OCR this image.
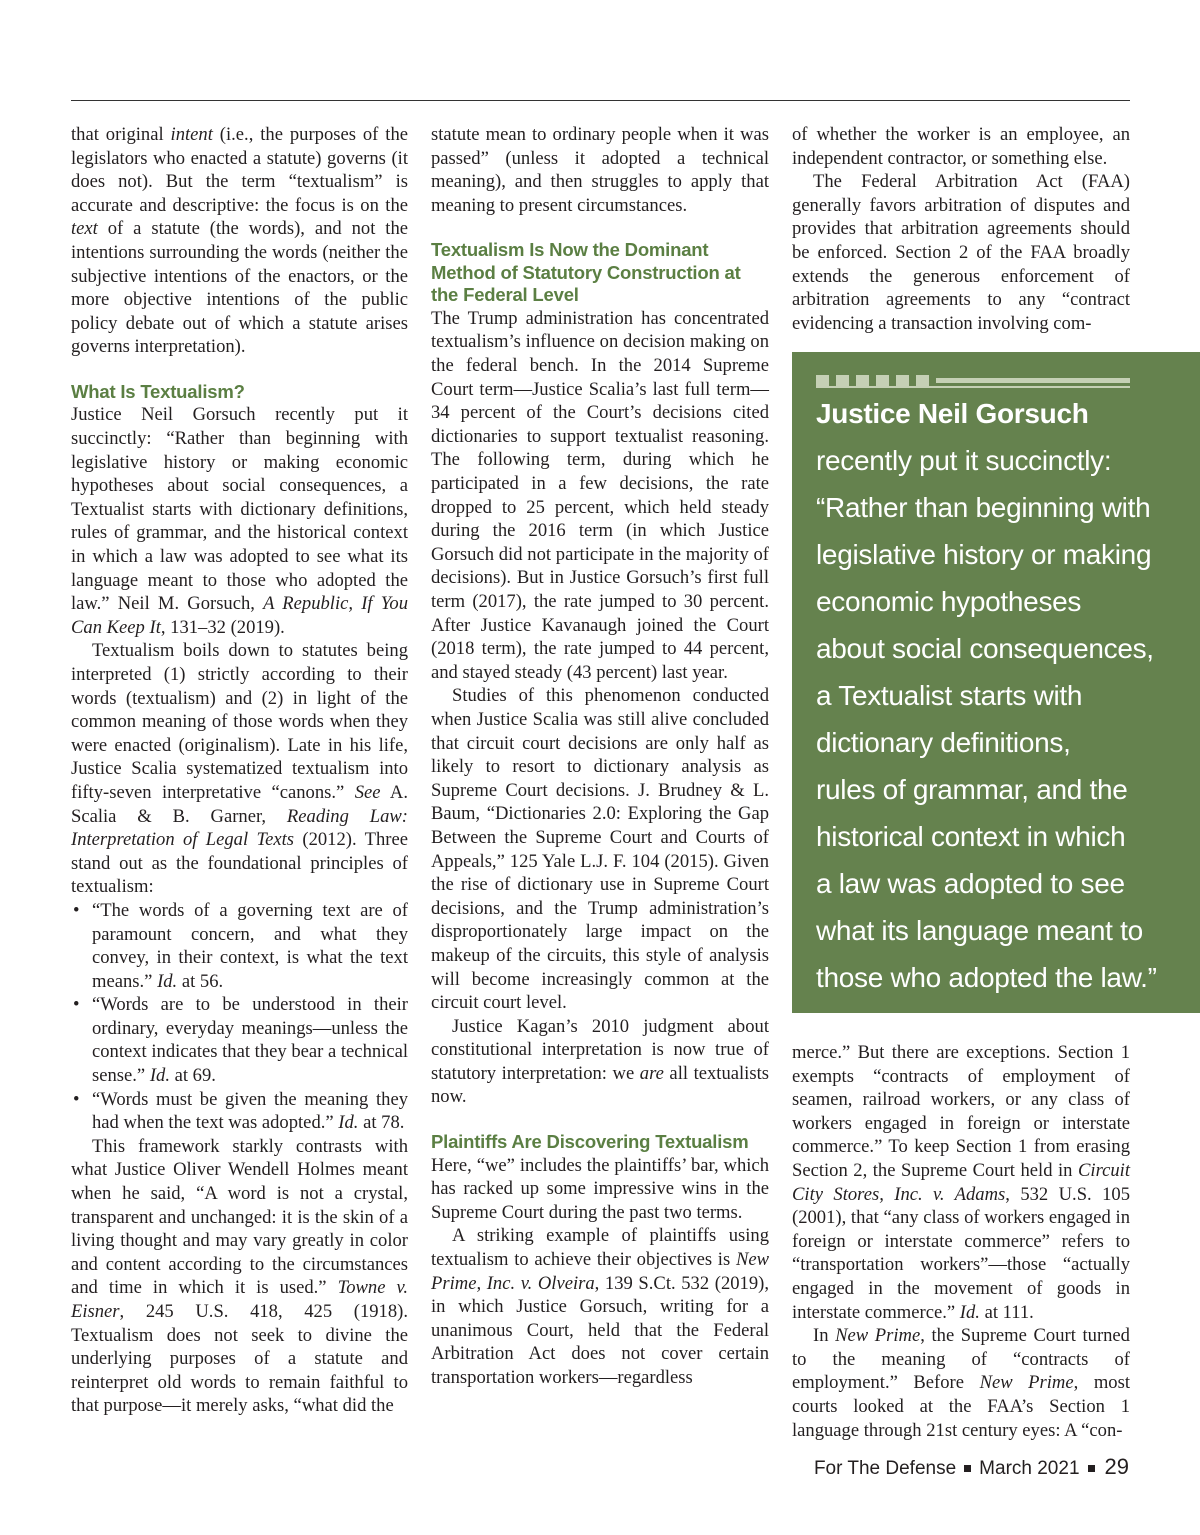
that original intent (i.e., the purposes of the legislators who enacted a statute) governs (it does not). But the term “textualism” is accurate and descriptive: the focus is on the text of a statute (the words), and not the intentions surrounding the words (neither the subjective intentions of the enactors, or the more objective intentions of the public policy debate out of which a statute arises governs interpretation).

What Is Textualism?

Justice Neil Gorsuch recently put it succinctly: “Rather than beginning with legislative history or making economic hypotheses about social consequences, a Textualist starts with dictionary definitions, rules of grammar, and the historical context in which a law was adopted to see what its language meant to those who adopted the law.” Neil M. Gorsuch, A Republic, If You Can Keep It, 131–32 (2019).

Textualism boils down to statutes being interpreted (1) strictly according to their words (textualism) and (2) in light of the common meaning of those words when they were enacted (originalism). Late in his life, Justice Scalia systematized textualism into fifty-seven interpretative “canons.” See A. Scalia & B. Garner, Reading Law: Interpretation of Legal Texts (2012). Three stand out as the foundational principles of textualism:

• “The words of a governing text are of paramount concern, and what they convey, in their context, is what the text means.” Id. at 56.
• “Words are to be understood in their ordinary, everyday meanings—unless the context indicates that they bear a technical sense.” Id. at 69.
• “Words must be given the meaning they had when the text was adopted.” Id. at 78.

This framework starkly contrasts with what Justice Oliver Wendell Holmes meant when he said, “A word is not a crystal, transparent and unchanged: it is the skin of a living thought and may vary greatly in color and content according to the circumstances and time in which it is used.” Towne v. Eisner, 245 U.S. 418, 425 (1918). Textualism does not seek to divine the underlying purposes of a statute and reinterpret old words to remain faithful to that purpose—it merely asks, “what did the

statute mean to ordinary people when it was passed” (unless it adopted a technical meaning), and then struggles to apply that meaning to present circumstances.

Textualism Is Now the Dominant Method of Statutory Construction at the Federal Level

The Trump administration has concentrated textualism’s influence on decision making on the federal bench. In the 2014 Supreme Court term—Justice Scalia’s last full term—34 percent of the Court’s decisions cited dictionaries to support textualist reasoning. The following term, during which he participated in a few decisions, the rate dropped to 25 percent, which held steady during the 2016 term (in which Justice Gorsuch did not participate in the majority of decisions). But in Justice Gorsuch’s first full term (2017), the rate jumped to 30 percent. After Justice Kavanaugh joined the Court (2018 term), the rate jumped to 44 percent, and stayed steady (43 percent) last year.

Studies of this phenomenon conducted when Justice Scalia was still alive concluded that circuit court decisions are only half as likely to resort to dictionary analysis as Supreme Court decisions. J. Brudney & L. Baum, “Dictionaries 2.0: Exploring the Gap Between the Supreme Court and Courts of Appeals,” 125 Yale L.J. F. 104 (2015). Given the rise of dictionary use in Supreme Court decisions, and the Trump administration’s disproportionately large impact on the makeup of the circuits, this style of analysis will become increasingly common at the circuit court level.

Justice Kagan’s 2010 judgment about constitutional interpretation is now true of statutory interpretation: we are all textualists now.

Plaintiffs Are Discovering Textualism

Here, “we” includes the plaintiffs’ bar, which has racked up some impressive wins in the Supreme Court during the past two terms.

A striking example of plaintiffs using textualism to achieve their objectives is New Prime, Inc. v. Olveira, 139 S.Ct. 532 (2019), in which Justice Gorsuch, writing for a unanimous Court, held that the Federal Arbitration Act does not cover certain transportation workers—regardless

of whether the worker is an employee, an independent contractor, or something else.

The Federal Arbitration Act (FAA) generally favors arbitration of disputes and provides that arbitration agreements should be enforced. Section 2 of the FAA broadly extends the generous enforcement of arbitration agreements to any “contract evidencing a transaction involving com-

Justice Neil Gorsuch
recently put it succinctly:
“Rather than beginning with
legislative history or making
economic hypotheses
about social consequences,
a Textualist starts with
dictionary definitions,
rules of grammar, and the
historical context in which
a law was adopted to see
what its language meant to
those who adopted the law.”

merce.” But there are exceptions. Section 1 exempts “contracts of employment of seamen, railroad workers, or any class of workers engaged in foreign or interstate commerce.” To keep Section 1 from erasing Section 2, the Supreme Court held in Circuit City Stores, Inc. v. Adams, 532 U.S. 105 (2001), that “any class of workers engaged in foreign or interstate commerce” refers to “transportation workers”—those “actually engaged in the movement of goods in interstate commerce.” Id. at 111.

In New Prime, the Supreme Court turned to the meaning of “contracts of employment.” Before New Prime, most courts looked at the FAA’s Section 1 language through 21st century eyes: A “con-

For The Defense March 2021 29
